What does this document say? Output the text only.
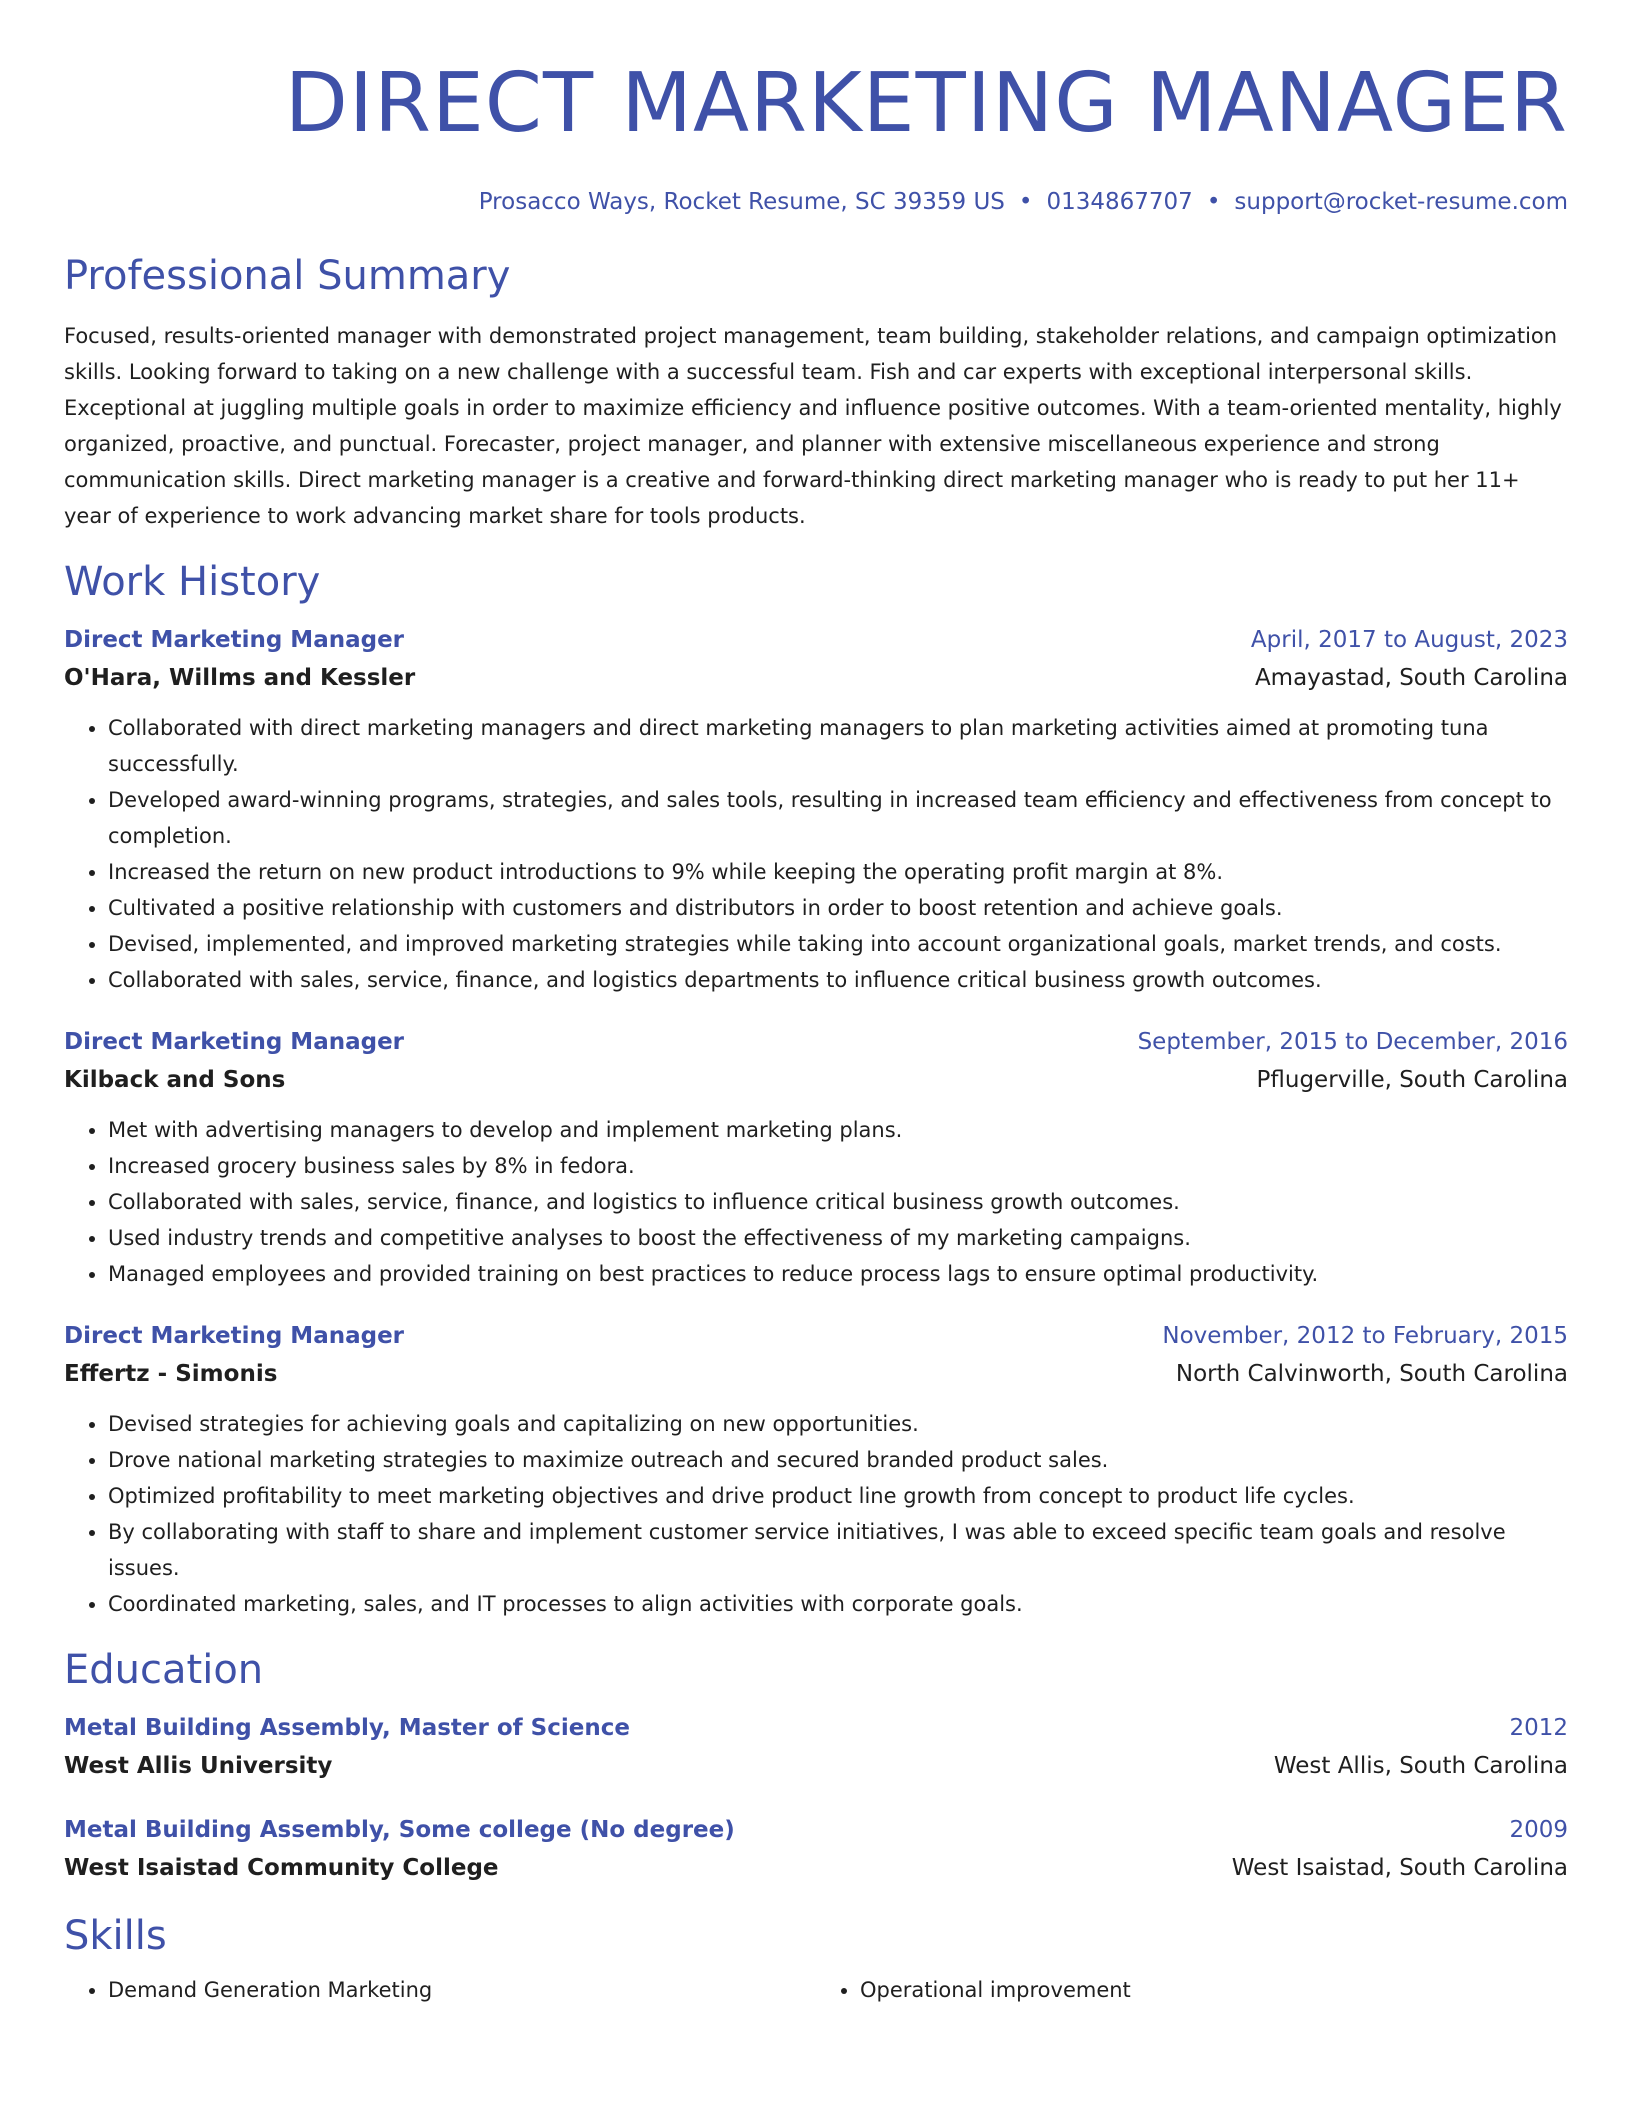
DIRECT MARKETING MANAGER
Prosacco Ways, Rocket Resume, SC 39359 US • 0134867707 • support@rocket-resume.com
Professional Summary

Focused, results-oriented manager with demonstrated project management, team building, stakeholder relations, and campaign optimization skills. Looking forward to taking on a new challenge with a successful team. Fish and car experts with exceptional interpersonal skills. Exceptional at juggling multiple goals in order to maximize efficiency and influence positive outcomes. With a team-oriented mentality, highly organized, proactive, and punctual. Forecaster, project manager, and planner with extensive miscellaneous experience and strong communication skills. Direct marketing manager is a creative and forward-thinking direct marketing manager who is ready to put her 11+ year of experience to work advancing market share for tools products.

Work History
Direct Marketing Manager	April, 2017 to August, 2023
O'Hara, Willms and Kessler	Amayastad, South Carolina
• Collaborated with direct marketing managers and direct marketing managers to plan marketing activities aimed at promoting tuna successfully.
• Developed award-winning programs, strategies, and sales tools, resulting in increased team efficiency and effectiveness from concept to completion.
• Increased the return on new product introductions to 9% while keeping the operating profit margin at 8%.
• Cultivated a positive relationship with customers and distributors in order to boost retention and achieve goals.
• Devised, implemented, and improved marketing strategies while taking into account organizational goals, market trends, and costs.
• Collaborated with sales, service, finance, and logistics departments to influence critical business growth outcomes.
Direct Marketing Manager	September, 2015 to December, 2016
Kilback and Sons	Pflugerville, South Carolina
• Met with advertising managers to develop and implement marketing plans.
• Increased grocery business sales by 8% in fedora.
• Collaborated with sales, service, finance, and logistics to influence critical business growth outcomes.
• Used industry trends and competitive analyses to boost the effectiveness of my marketing campaigns.
• Managed employees and provided training on best practices to reduce process lags to ensure optimal productivity.
Direct Marketing Manager	November, 2012 to February, 2015
Effertz - Simonis	North Calvinworth, South Carolina
• Devised strategies for achieving goals and capitalizing on new opportunities.
• Drove national marketing strategies to maximize outreach and secured branded product sales.
• Optimized profitability to meet marketing objectives and drive product line growth from concept to product life cycles.
• By collaborating with staff to share and implement customer service initiatives, I was able to exceed specific team goals and resolve issues.
• Coordinated marketing, sales, and IT processes to align activities with corporate goals.
Education
Metal Building Assembly, Master of Science	2012
West Allis University	West Allis, South Carolina
Metal Building Assembly, Some college (No degree)	2009
West Isaistad Community College	West Isaistad, South Carolina
Skills
• Demand Generation Marketing
•	Operational improvement
